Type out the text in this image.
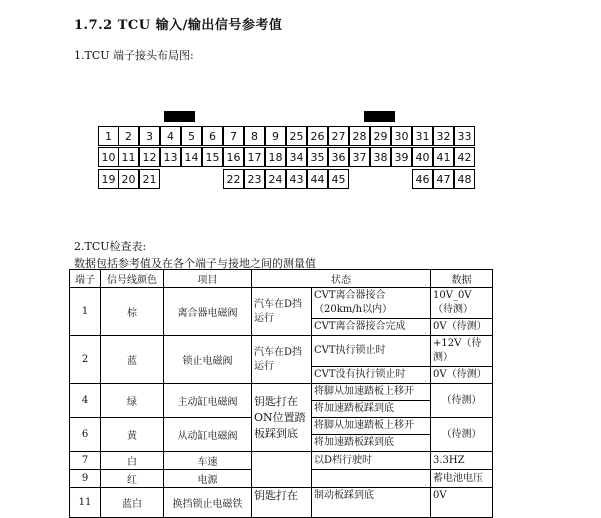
1.7.2 TCU 输入/输出信号参考值
1.TCU 端子接头布局图:
1	2	3	4	5	6	7	8	9 25 26 27 28 29 30 31 32 33
10 11 12 13 14 15 16 17 18 34 35 36 37 38 39 40 41 42
19 20 21	22 23 24 43 44 45	46 47 48
2.TCU检查表:
数据包括参考值及在各个端子与接地之间的测量值
端子	信号线颜色	项目	状态		数据
1	棕	离合器电磁阀	汽车在D挡运行	CVT离合器接合（20km/h以内）	10V_0V（待测）
				CVT离合器接合完成	0V（待测）
2	蓝	锁止电磁阀	汽车在D挡运行	CVT执行锁止时	+12V（待测）
				CVT没有执行锁止时	0V（待测）
4	绿	主动缸电磁阀	钥匙打在ON位置踏板踩到底	将脚从加速踏板上移开	（待测）
				将加速踏板踩到底	
6	黄	从动缸电磁阀		将脚从加速踏板上移开	（待测）
				将加速踏板踩到底	
7	白	车速		以D档行驶时	3.3HZ
9	红	电源			蓄电池电压
11	蓝白	换挡锁止电磁铁	钥匙打在	制动板踩到底	0V
